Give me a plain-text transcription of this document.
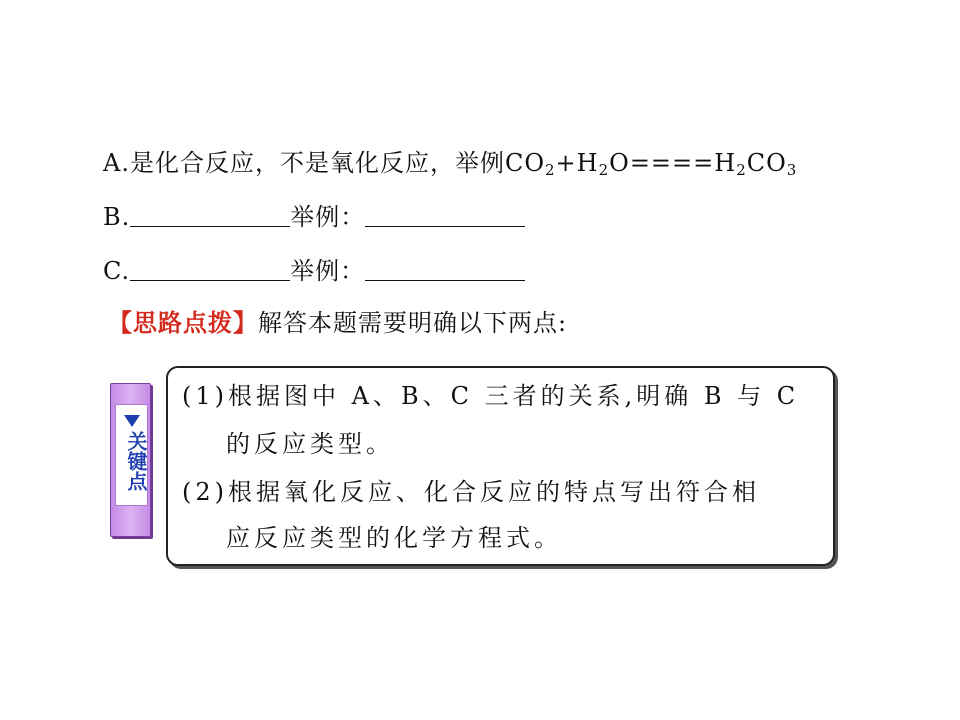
A.是化合反应，不是氧化反应，举例$CO_2+H_2O====H_2CO_3$
B.	举例：
C.	举例：
【思路点拨】解答本题需要明确以下两点:
关键点
(1)根据图中 A、B、C 三者的关系,明确 B 与 C
的反应类型。
(2)根据氧化反应、化合反应的特点写出符合相
应反应类型的化学方程式。
